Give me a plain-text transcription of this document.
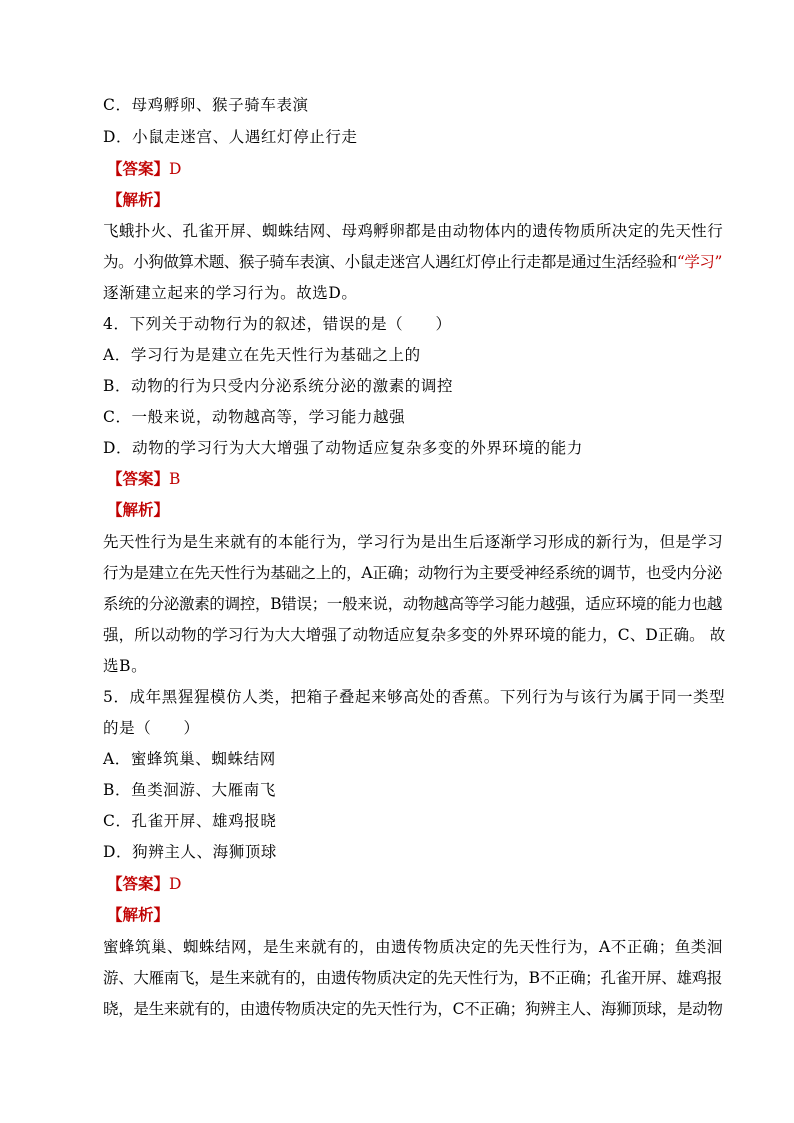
C．母鸡孵卵、猴子骑车表演
D．小鼠走迷宫、人遇红灯停止行走
【答案】D
【解析】
飞蛾扑火、孔雀开屏、蜘蛛结网、母鸡孵卵都是由动物体内的遗传物质所决定的先天性行
为。小狗做算术题、猴子骑车表演、小鼠走迷宫人遇红灯停止行走都是通过生活经验和“学习”
逐渐建立起来的学习行为。故选D。
4．下列关于动物行为的叙述，错误的是（　　）
A．学习行为是建立在先天性行为基础之上的
B．动物的行为只受内分泌系统分泌的激素的调控
C．一般来说，动物越高等，学习能力越强
D．动物的学习行为大大增强了动物适应复杂多变的外界环境的能力
【答案】B
【解析】
先天性行为是生来就有的本能行为，学习行为是出生后逐渐学习形成的新行为，但是学习
行为是建立在先天性行为基础之上的，A正确；动物行为主要受神经系统的调节，也受内分泌
系统的分泌激素的调控，B错误；一般来说，动物越高等学习能力越强，适应环境的能力也越
强，所以动物的学习行为大大增强了动物适应复杂多变的外界环境的能力，C、D正确。 故
选B。
5．成年黑猩猩模仿人类，把箱子叠起来够高处的香蕉。下列行为与该行为属于同一类型
的是（　　）
A．蜜蜂筑巢、蜘蛛结网
B．鱼类洄游、大雁南飞
C．孔雀开屏、雄鸡报晓
D．狗辨主人、海狮顶球
【答案】D
【解析】
蜜蜂筑巢、蜘蛛结网，是生来就有的，由遗传物质决定的先天性行为，A不正确；鱼类洄
游、大雁南飞，是生来就有的，由遗传物质决定的先天性行为，B不正确；孔雀开屏、雄鸡报
晓，是生来就有的，由遗传物质决定的先天性行为，C不正确；狗辨主人、海狮顶球，是动物
